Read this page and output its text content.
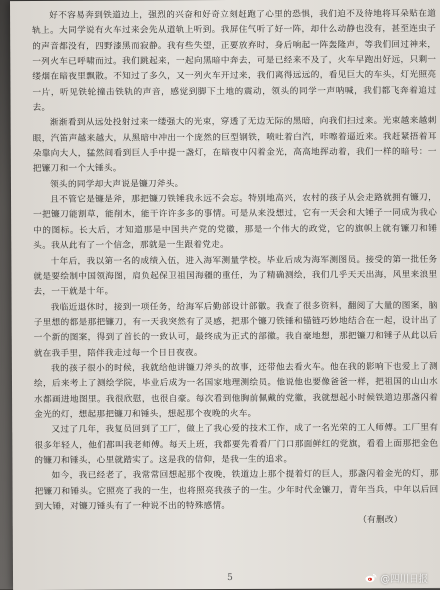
好不容易奔到铁道边上，强烈的兴奋和好奇立刻赶跑了心里的恐惧，我们迫不及待地将耳朵贴在道轨上。大同学说有火车过来会先从道轨上听到。我屏住气听了好一阵，却什么动静也没有，甚至连虫子的声音都没有，四野漆黑而寂静。我有些失望，正要放弃时，身后响起一阵轰隆声，等我们回过神来，一列火车已呼啸而过。我们跳起来，一起向黑暗中奔去，可是已经来不及了，火车早跑出好远，只剩一缕烟在暗夜里飘散。不知过了多久，又一列火车开过来，我们离得远远的，看见巨大的车头，灯光照亮一片，听见铁轮撞击铁轨的声音，感觉到脚下土地的震动，领头的同学一声呐喊，我们都飞奔着追过去。

渐渐看到从远处投射过来一缕强大的光束，穿透了无边无际的黑暗，向我们扫过来。光束越来越刺眼，汽笛声越来越大，从黑暗中冲出一个庞然的巨型钢铁，喷吐着白汽，咔嚓着逼近来。我赶紧捂着耳朵靠向大人，猛然间看到巨人手中提一盏灯，在暗夜中闪着金光，高高地挥动着，我们一样的暗号：一把镰刀和一个大锤头。

领头的同学却大声说是镰刀斧头。

且不管它是镰是斧，那把镰刀铁锤我永远不会忘。特别地高兴，农村的孩子从会走路就拥有镰刀，一把镰刀能割草，能削木，能干许许多多的事情。可是从来没想过，它有一天会和大锤子一同成为我心中的图标。长大后，才知道那是中国共产党的党徽，那是一个伟大的政党，它的旗帜上就有镰刀和锤头。我从此有了一个信念，那就是一生跟着党走。

十年后，我以第一名的成绩入伍，进入海军测量学校。毕业后成为海军测图员。接受的第一批任务就是要绘制中国领海图，肩负起保卫祖国海疆的重任，为了精确测绘，我们几乎天天出海，风里来浪里去，一干就是十年。

我临近退休时，接到一项任务，给海军后勤部设计部徽。我查了很多资料，翻阅了大量的图案，脑子里想的都是那把镰刀，有一天我突然有了灵感，把那个镰刀铁锤和锚链巧妙地结合在一起，设计出了一个新的图案，得到了首长的一致认可，最终成为正式的部徽。我自豪地想，那把镰刀和锤子从此以后就在我手里，陪伴我走过每一个日日夜夜。

我的孩子很小的时候，我就给他讲镰刀斧头的故事，还带他去看火车。他在我的影响下也爱上了测绘，后来考上了测绘学院，毕业后成为一名国家地理测绘员。他说他也要像爸爸一样，把祖国的山山水水都画进地图里。我很欣慰，也很自豪。每次看到他胸前佩戴的党徽，我就想起小时候铁道边那盏闪着金光的灯，想起那把镰刀和锤头，想起那个夜晚的火车。

又过了几年，我复员回到了工厂，做上了我心爱的技术工作，成了一名光荣的工人师傅。工厂里有很多年轻人，他们都叫我老师傅。每天上班，我都要先看看厂门口那面鲜红的党旗，看看上面那把金色的镰刀和锤头，心里就踏实了。这是我的信仰，是我一生的追求。

如今，我已经老了，我常常回想起那个夜晚，铁道边上那个提着灯的巨人，那盏闪着金光的灯，那把镰刀和锤头。它照亮了我的一生，也将照亮我孩子的一生。少年时代金镰刀，青年当兵，中年以后回到大锤，对镰刀锤头有了一种说不出的特殊感情。

（有删改）
5	@四川日报
